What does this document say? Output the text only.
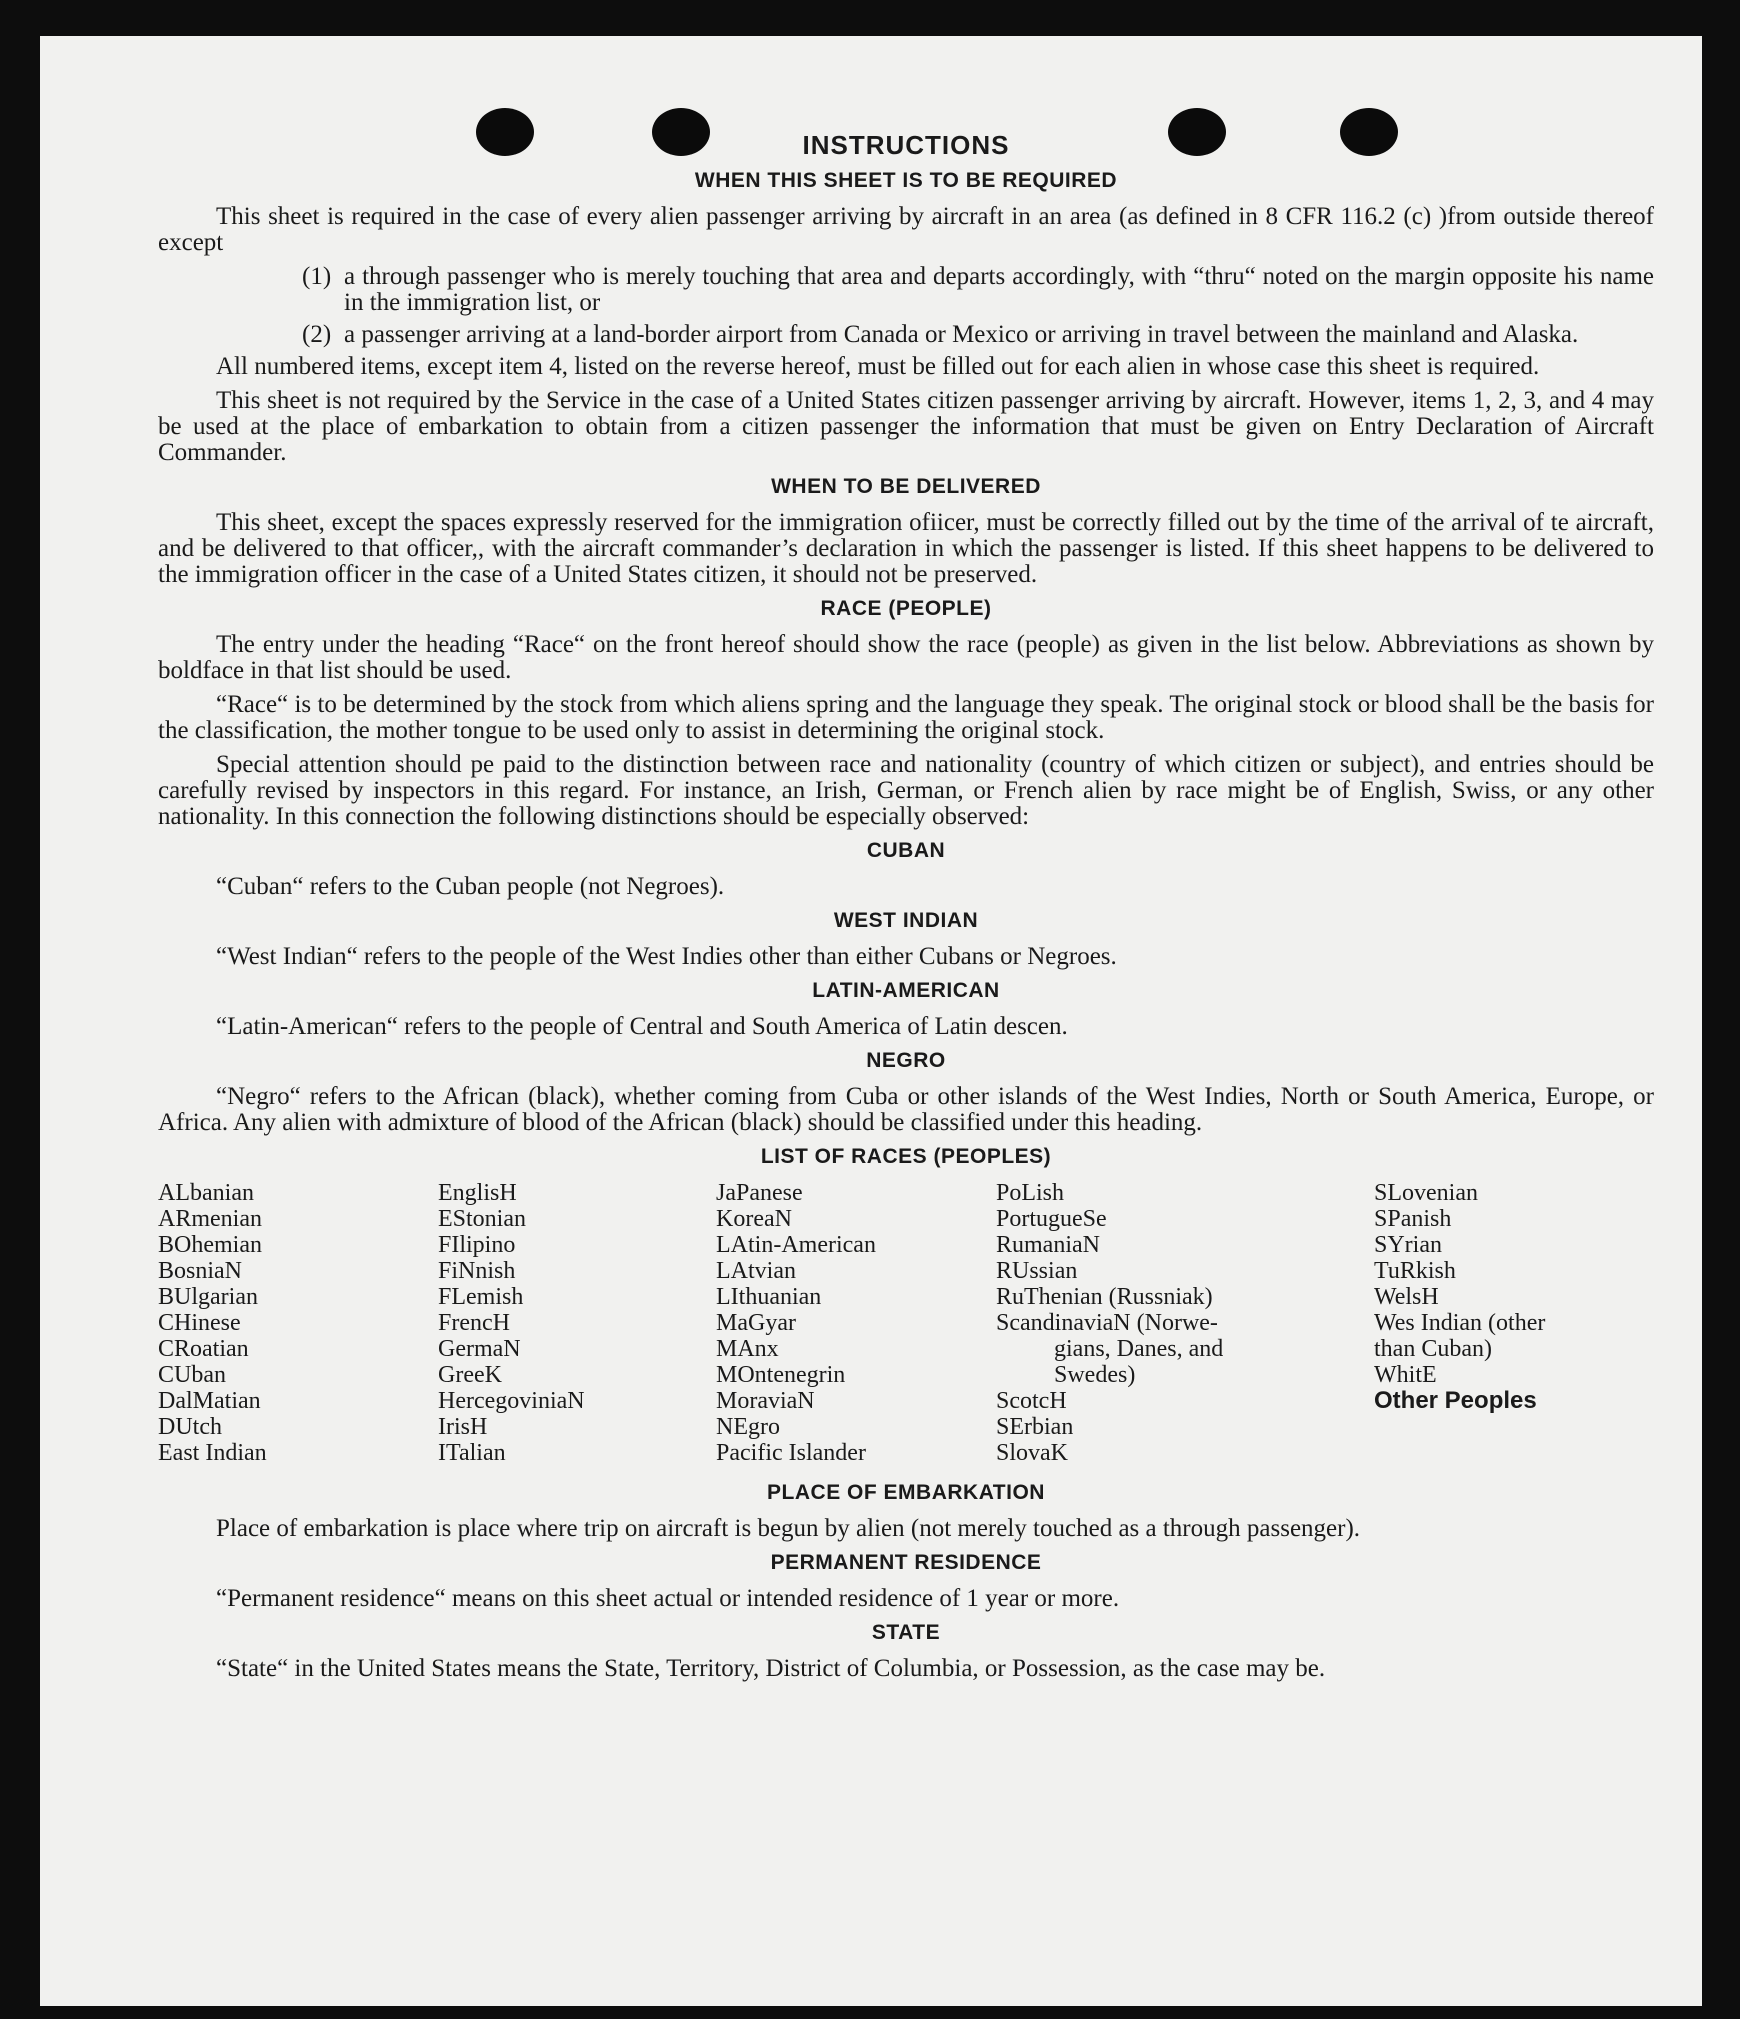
INSTRUCTIONS
WHEN THIS SHEET IS TO BE REQUIRED
This sheet is required in the case of every alien passenger arriving by aircraft in an area (as defined in 8 CFR 116.2 (c) )from outside thereof except
(1) a through passenger who is merely touching that area and departs accordingly, with “thru“ noted on the margin opposite his name in the immigration list, or
(2) a passenger arriving at a land-border airport from Canada or Mexico or arriving in travel between the mainland and Alaska.
All numbered items, except item 4, listed on the reverse hereof, must be filled out for each alien in whose case this sheet is required.
This sheet is not required by the Service in the case of a United States citizen passenger arriving by aircraft. However, items 1, 2, 3, and 4 may be used at the place of embarkation to obtain from a citizen passenger the information that must be given on Entry Declaration of Aircraft Commander.
WHEN TO BE DELIVERED
This sheet, except the spaces expressly reserved for the immigration ofiicer, must be correctly filled out by the time of the arrival of te aircraft, and be delivered to that officer,, with the aircraft commander’s declaration in which the passenger is listed. If this sheet happens to be delivered to the immigration officer in the case of a United States citizen, it should not be preserved.
RACE (PEOPLE)
The entry under the heading “Race“ on the front hereof should show the race (people) as given in the list below. Abbreviations as shown by boldface in that list should be used.
“Race“ is to be determined by the stock from which aliens spring and the language they speak. The original stock or blood shall be the basis for the classification, the mother tongue to be used only to assist in determining the original stock.
Special attention should pe paid to the distinction between race and nationality (country of which citizen or subject), and entries should be carefully revised by inspectors in this regard. For instance, an Irish, German, or French alien by race might be of English, Swiss, or any other nationality. In this connection the following distinctions should be especially observed:
CUBAN
“Cuban“ refers to the Cuban people (not Negroes).
WEST INDIAN
“West Indian“ refers to the people of the West Indies other than either Cubans or Negroes.
LATIN-AMERICAN
“Latin-American“ refers to the people of Central and South America of Latin descen.
NEGRO
“Negro“ refers to the African (black), whether coming from Cuba or other islands of the West Indies, North or South America, Europe, or Africa. Any alien with admixture of blood of the African (black) should be classified under this heading.
LIST OF RACES (PEOPLES)
ALbanian
ARmenian
BOhemian
BosniaN
BUlgarian
CHinese
CRoatian
CUban
DalMatian
DUtch
East Indian
EnglisH
EStonian
FIlipino
FiNnish
FLemish
FrencH
GermaN
GreeK
HercegoviniaN
IrisH
ITalian
JaPanese
KoreaN
LAtin-American
LAtvian
LIthuanian
MaGyar
MAnx
MOntenegrin
MoraviaN
NEgro
Pacific Islander
PoLish
PortugueSe
RumaniaN
RUssian
RuThenian (Russniak)
ScandinaviaN (Norwe-
gians, Danes, and
Swedes)
ScotcH
SErbian
SlovaK
SLovenian
SPanish
SYrian
TuRkish
WelsH
Wes Indian (other
than Cuban)
WhitE
Other Peoples
PLACE OF EMBARKATION
Place of embarkation is place where trip on aircraft is begun by alien (not merely touched as a through passenger).
PERMANENT RESIDENCE
“Permanent residence“ means on this sheet actual or intended residence of 1 year or more.
STATE
“State“ in the United States means the State, Territory, District of Columbia, or Possession, as the case may be.
